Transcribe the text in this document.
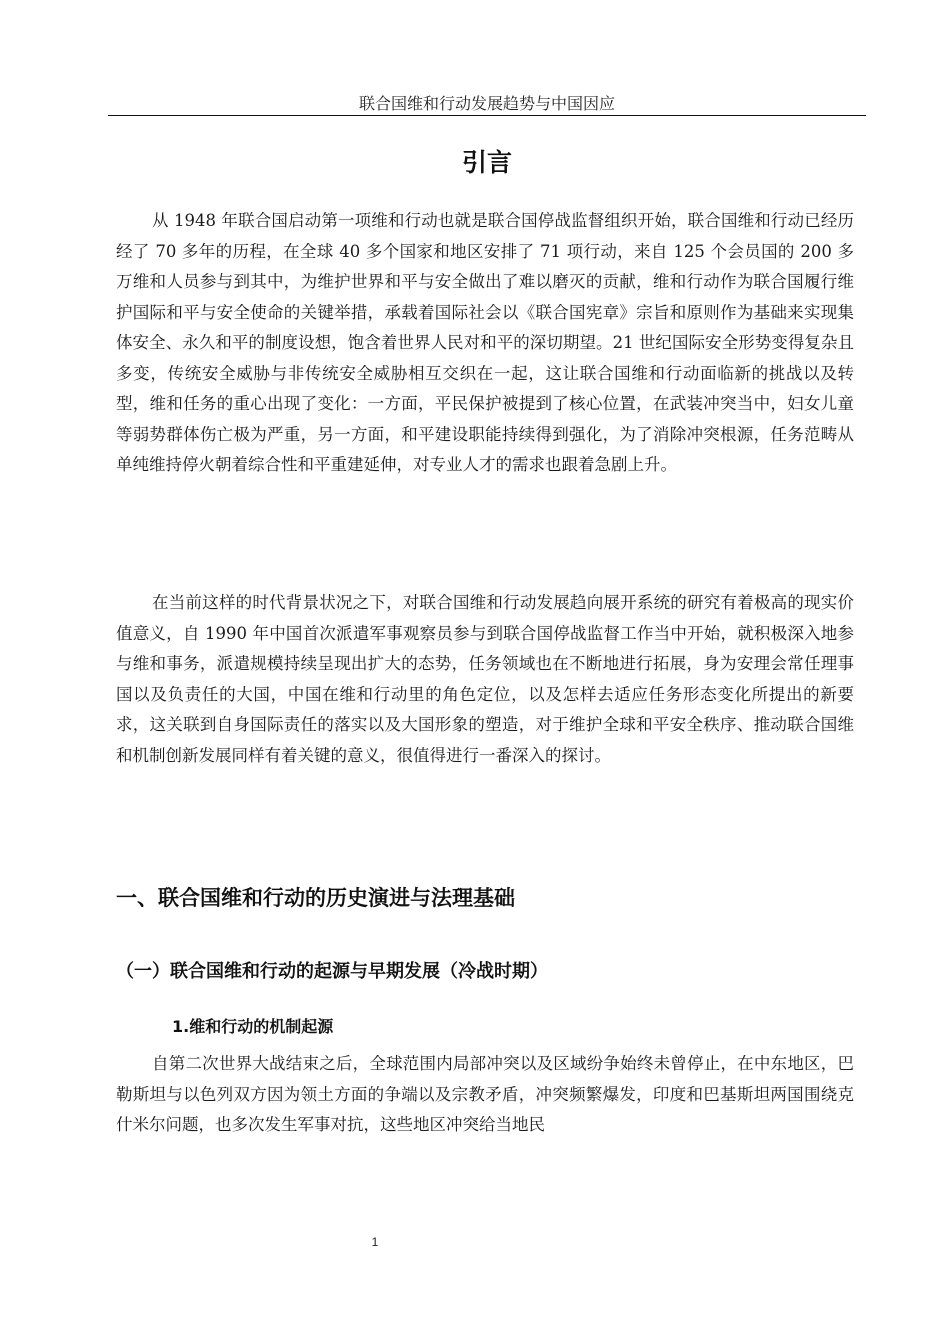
联合国维和行动发展趋势与中国因应
引言

从 1948 年联合国启动第一项维和行动也就是联合国停战监督组织开始，联合国维和行动已经历经了 70 多年的历程，在全球 40 多个国家和地区安排了 71 项行动，来自 125 个会员国的 200 多万维和人员参与到其中，为维护世界和平与安全做出了难以磨灭的贡献，维和行动作为联合国履行维护国际和平与安全使命的关键举措，承载着国际社会以《联合国宪章》宗旨和原则作为基础来实现集体安全、永久和平的制度设想，饱含着世界人民对和平的深切期望。21 世纪国际安全形势变得复杂且多变，传统安全威胁与非传统安全威胁相互交织在一起，这让联合国维和行动面临新的挑战以及转型，维和任务的重心出现了变化：一方面，平民保护被提到了核心位置，在武装冲突当中，妇女儿童等弱势群体伤亡极为严重，另一方面，和平建设职能持续得到强化，为了消除冲突根源，任务范畴从单纯维持停火朝着综合性和平重建延伸，对专业人才的需求也跟着急剧上升。

在当前这样的时代背景状况之下，对联合国维和行动发展趋向展开系统的研究有着极高的现实价值意义，自 1990 年中国首次派遣军事观察员参与到联合国停战监督工作当中开始，就积极深入地参与维和事务，派遣规模持续呈现出扩大的态势，任务领域也在不断地进行拓展，身为安理会常任理事国以及负责任的大国，中国在维和行动里的角色定位，以及怎样去适应任务形态变化所提出的新要求，这关联到自身国际责任的落实以及大国形象的塑造，对于维护全球和平安全秩序、推动联合国维和机制创新发展同样有着关键的意义，很值得进行一番深入的探讨。

一、联合国维和行动的历史演进与法理基础
（一）联合国维和行动的起源与早期发展（冷战时期）
1.维和行动的机制起源

自第二次世界大战结束之后，全球范围内局部冲突以及区域纷争始终未曾停止，在中东地区，巴勒斯坦与以色列双方因为领土方面的争端以及宗教矛盾，冲突频繁爆发，印度和巴基斯坦两国围绕克什米尔问题，也多次发生军事对抗，这些地区冲突给当地民

1
